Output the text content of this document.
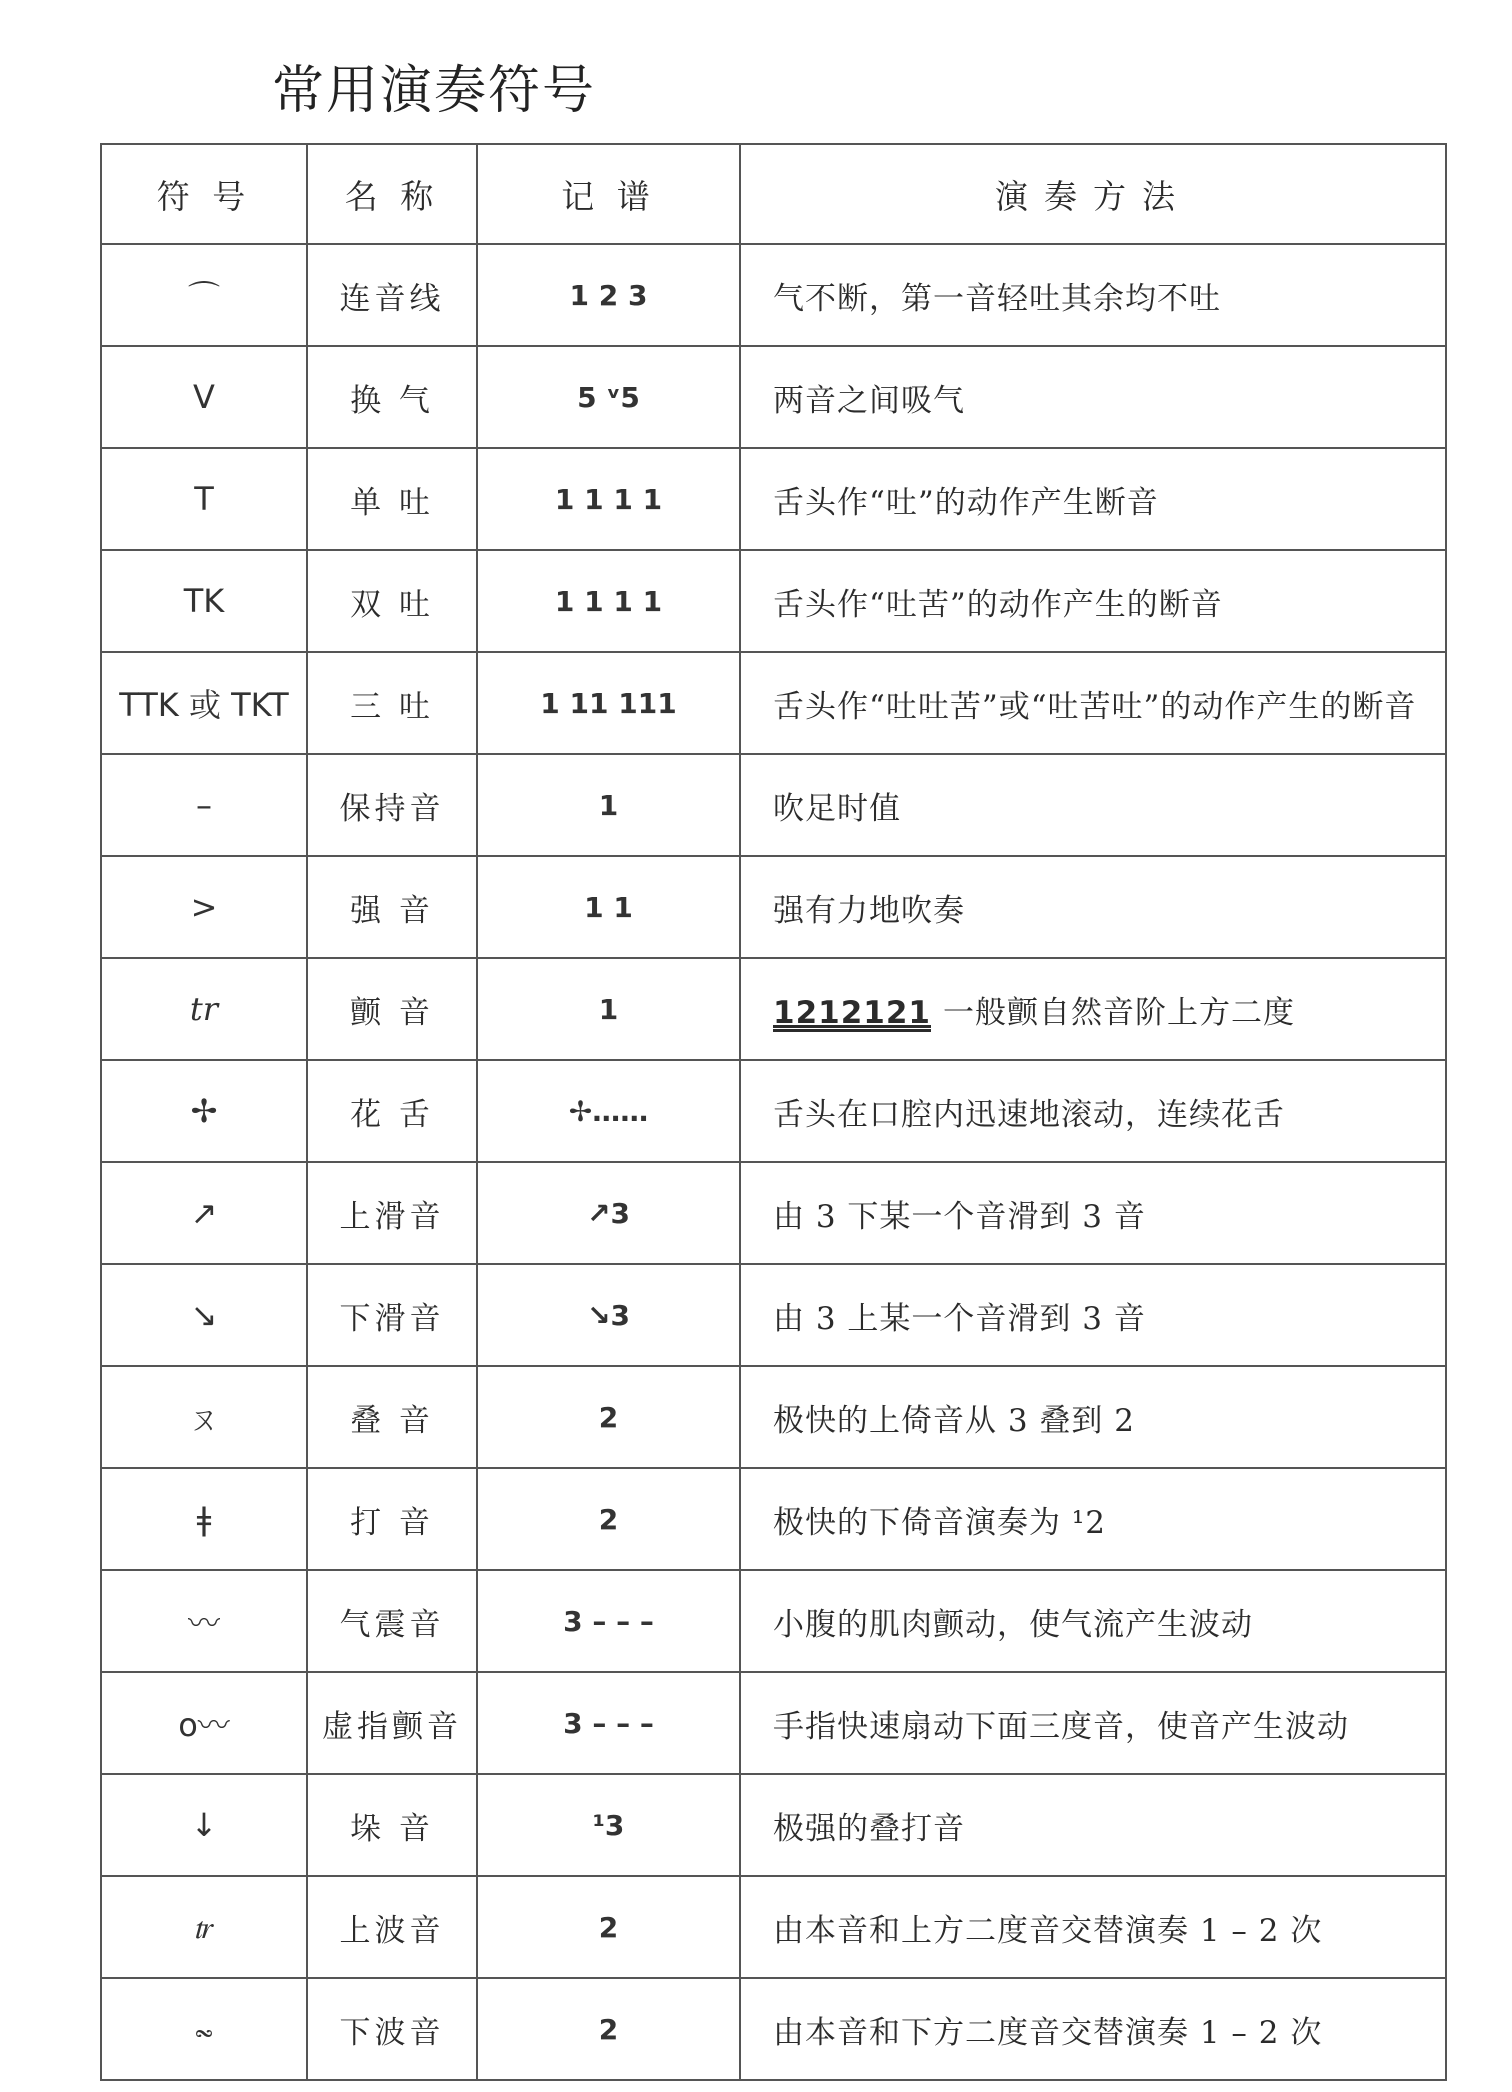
常用演奏符号
符 号	名 称	记 谱	演奏方法
⌒	连音线	1 2 3	气不断，第一音轻吐其余均不吐
V	换 气	5 ᵛ5	两音之间吸气
T	单 吐	1 1 1 1	舌头作“吐”的动作产生断音
TK	双 吐	1 1 1 1	舌头作“吐苦”的动作产生的断音
TTK 或 TKT	三 吐	1 11 111	舌头作“吐吐苦”或“吐苦吐”的动作产生的断音
–	保持音	1	吹足时值
>	强 音	1 1	强有力地吹奏
tr	颤 音	1	1212121 一般颤自然音阶上方二度
✢	花 舌	✢……	舌头在口腔内迅速地滚动，连续花舌
↗	上滑音	↗3	由 3 下某一个音滑到 3 音
↘	下滑音	↘3	由 3 上某一个音滑到 3 音
ㄡ	叠 音	2	极快的上倚音从 3 叠到 2
ǂ	打 音	2	极快的下倚音演奏为 ¹2
〰	气震音	3 – – –	小腹的肌肉颤动，使气流产生波动
o〰	虚指颤音	3 – – –	手指快速扇动下面三度音，使音产生波动
↓	垛 音	¹3	极强的叠打音
𝆖	上波音	2	由本音和上方二度音交替演奏 1 – 2 次
𝆗	下波音	2	由本音和下方二度音交替演奏 1 – 2 次
